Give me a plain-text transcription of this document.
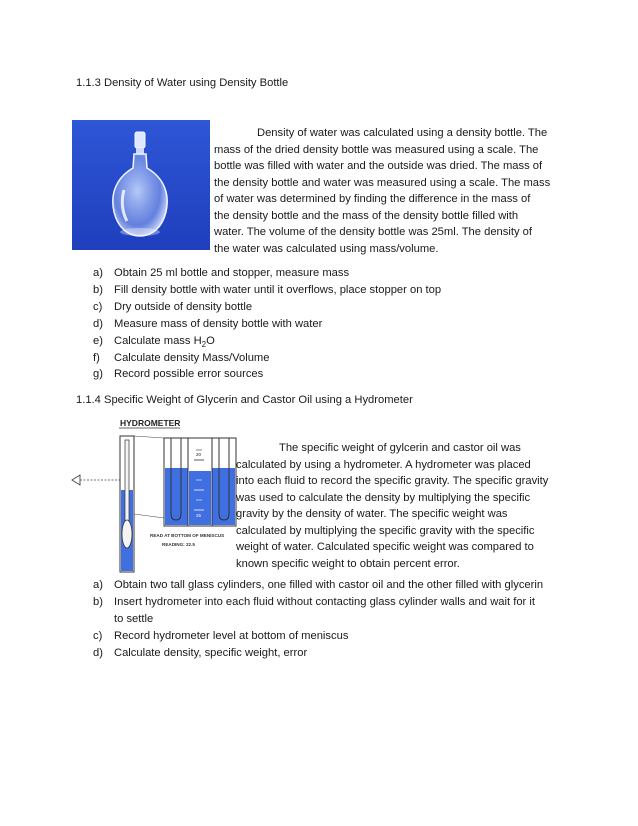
1.1.3 Density of Water using Density Bottle
Density of water was calculated using a density bottle. The
mass of the dried density bottle was measured using a scale. The
bottle was filled with water and the outside was dried. The mass of
the density bottle and water was measured using a scale. The mass
of water was determined by finding the difference in the mass of
the density bottle and the mass of the density bottle filled with
water. The volume of the density bottle was 25ml. The density of
the water was calculated using mass/volume.
a) Obtain 25 ml bottle and stopper, measure mass
b) Fill density bottle with water until it overflows, place stopper on top
c) Dry outside of density bottle
d) Measure mass of density bottle with water
e) Calculate mass $H_2O$
f) Calculate density Mass/Volume
g) Record possible error sources
1.1.4 Specific Weight of Glycerin and Castor Oil using a Hydrometer
HYDROMETER
20
25
READ AT BOTTOM OF MENISCUS
READING: 22.5
The specific weight of gylcerin and castor oil was
calculated by using a hydrometer. A hydrometer was placed
into each fluid to record the specific gravity. The specific gravity
was used to calculate the density by multiplying the specific
gravity by the density of water. The specific weight was
calculated by multiplying the specific gravity with the specific
weight of water. Calculated specific weight was compared to
known specific weight to obtain percent error.
a) Obtain two tall glass cylinders, one filled with castor oil and the other filled with glycerin
b) Insert hydrometer into each fluid without contacting glass cylinder walls and wait for it
to settle
c) Record hydrometer level at bottom of meniscus
d) Calculate density, specific weight, error
